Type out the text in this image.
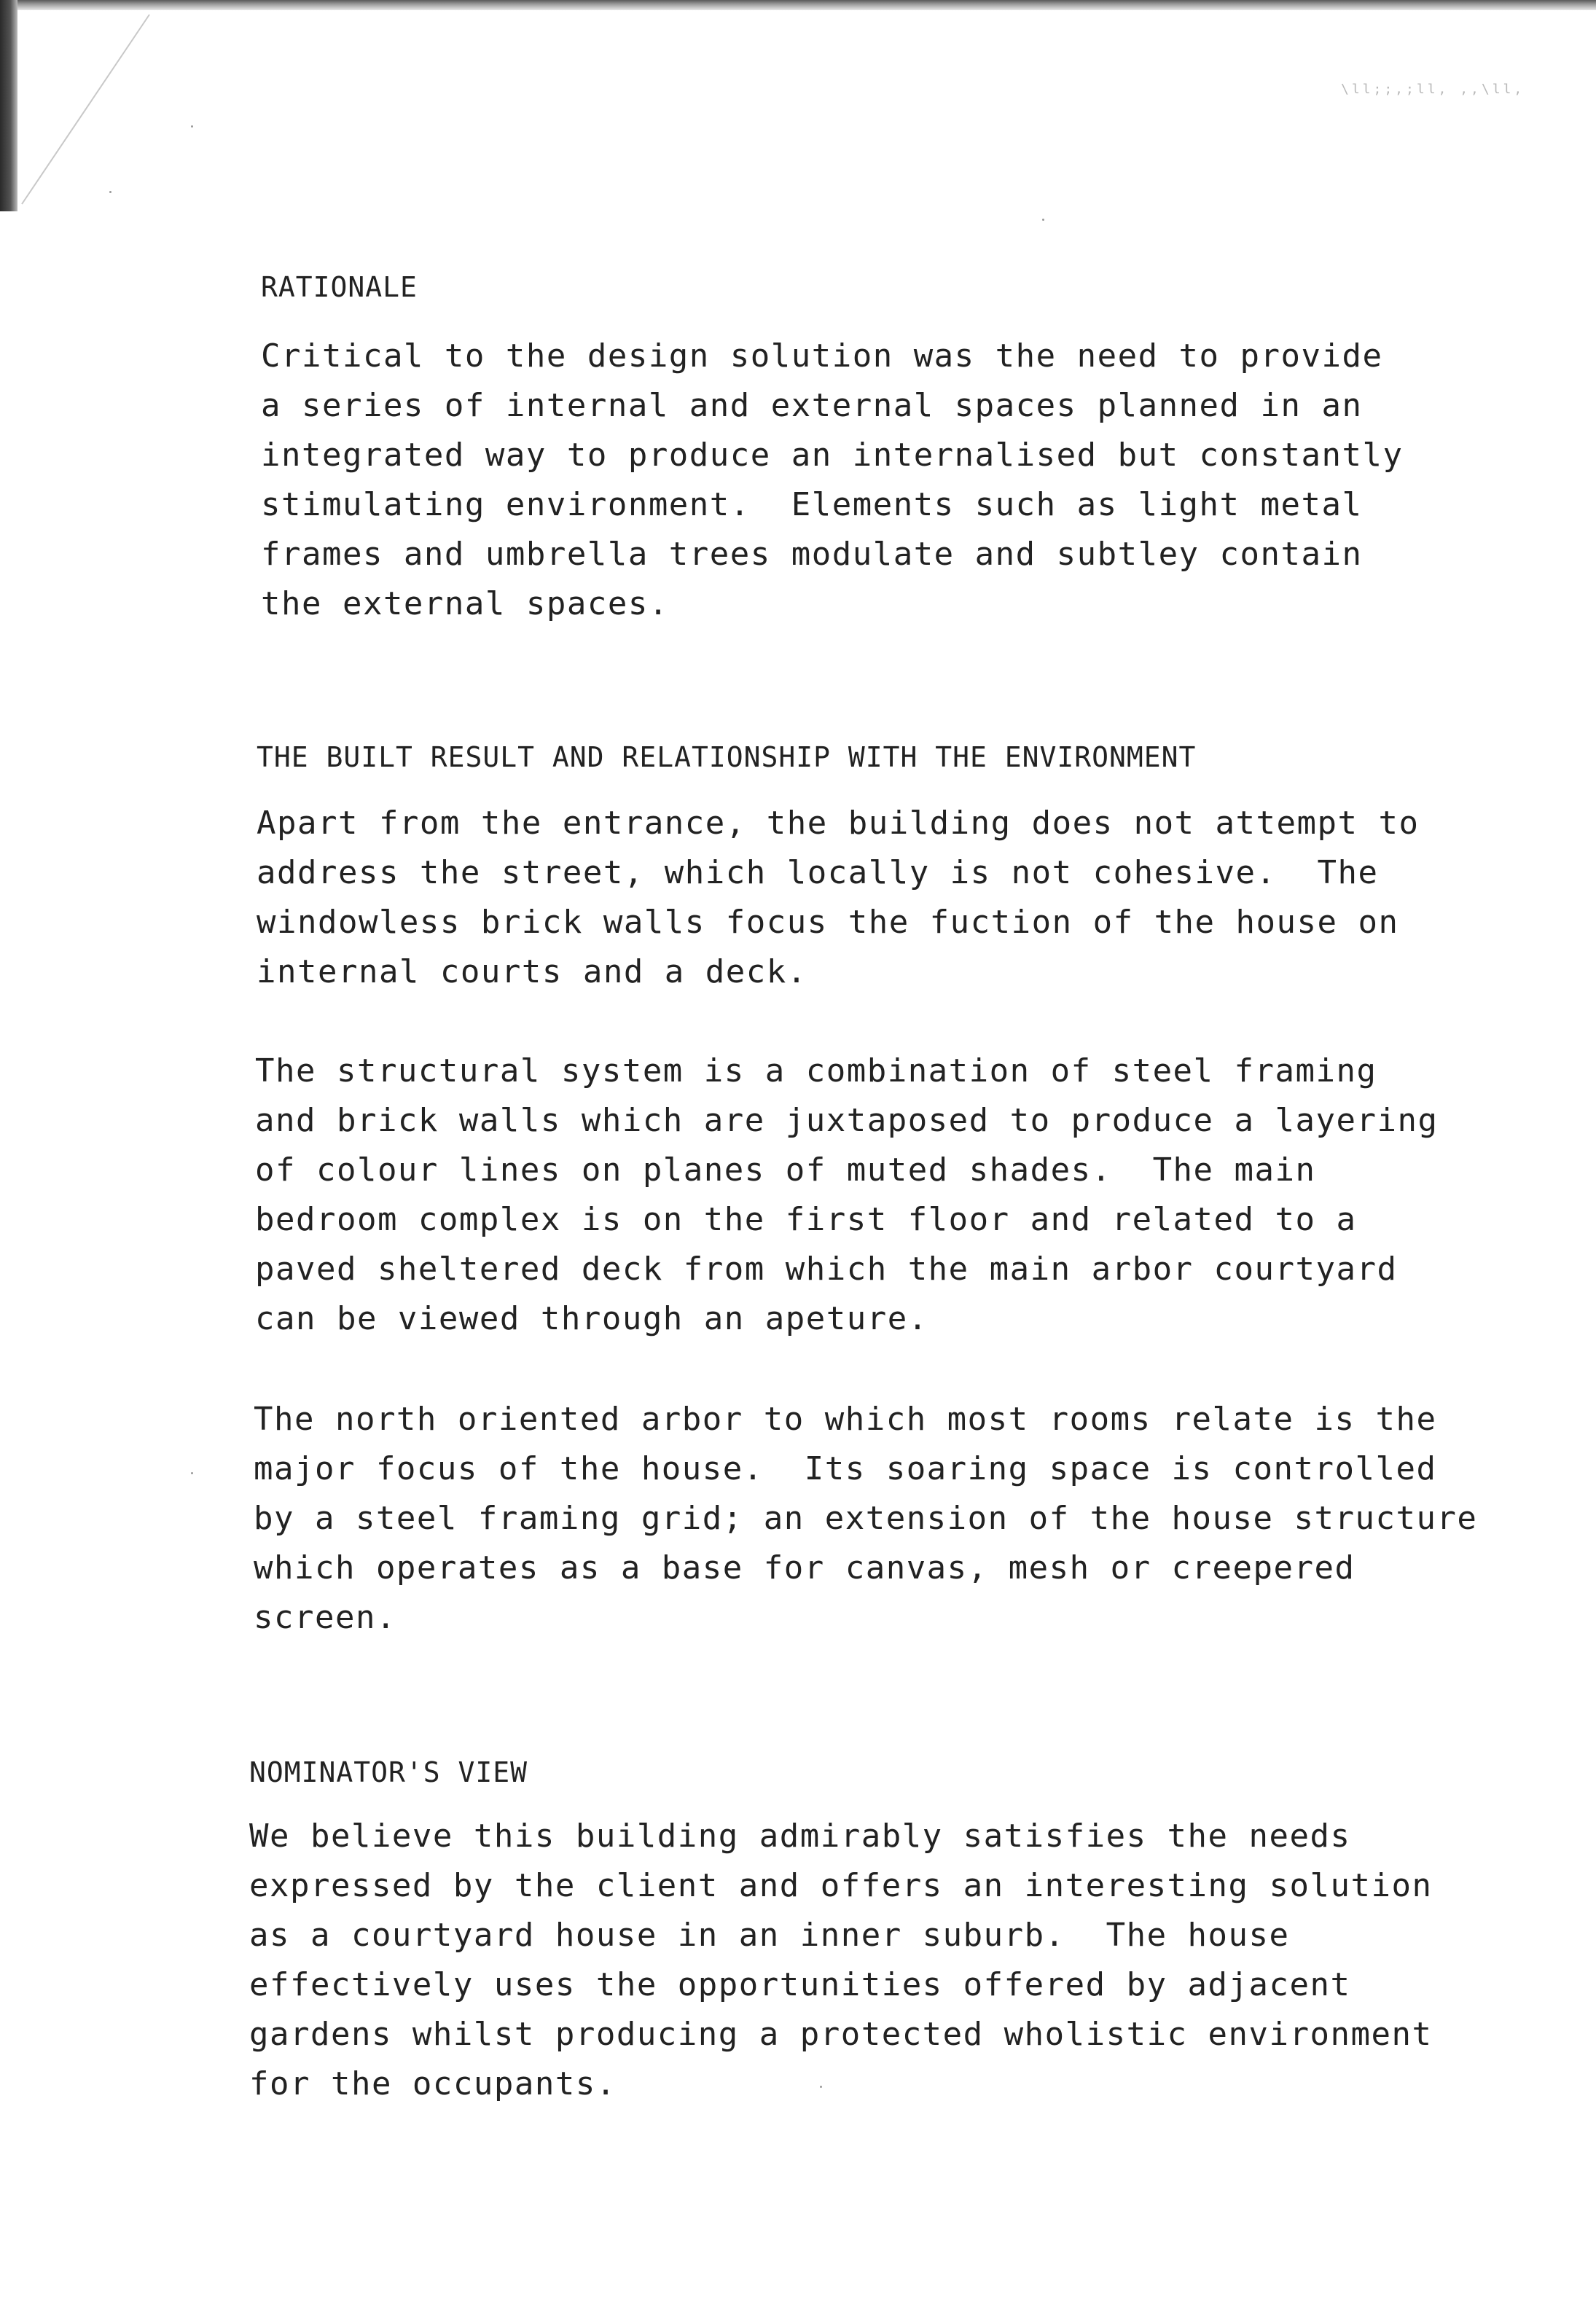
\ll;;,;ll, ,,\ll,
RATIONALE
Critical to the design solution was the need to provide
a series of internal and external spaces planned in an
integrated way to produce an internalised but constantly
stimulating environment.  Elements such as light metal
frames and umbrella trees modulate and subtley contain
the external spaces.
THE BUILT RESULT AND RELATIONSHIP WITH THE ENVIRONMENT
Apart from the entrance, the building does not attempt to
address the street, which locally is not cohesive.  The
windowless brick walls focus the fuction of the house on
internal courts and a deck.
The structural system is a combination of steel framing
and brick walls which are juxtaposed to produce a layering
of colour lines on planes of muted shades.  The main
bedroom complex is on the first floor and related to a
paved sheltered deck from which the main arbor courtyard
can be viewed through an apeture.
The north oriented arbor to which most rooms relate is the
major focus of the house.  Its soaring space is controlled
by a steel framing grid; an extension of the house structure
which operates as a base for canvas, mesh or creepered
screen.
NOMINATOR'S VIEW
We believe this building admirably satisfies the needs
expressed by the client and offers an interesting solution
as a courtyard house in an inner suburb.  The house
effectively uses the opportunities offered by adjacent
gardens whilst producing a protected wholistic environment
for the occupants.
